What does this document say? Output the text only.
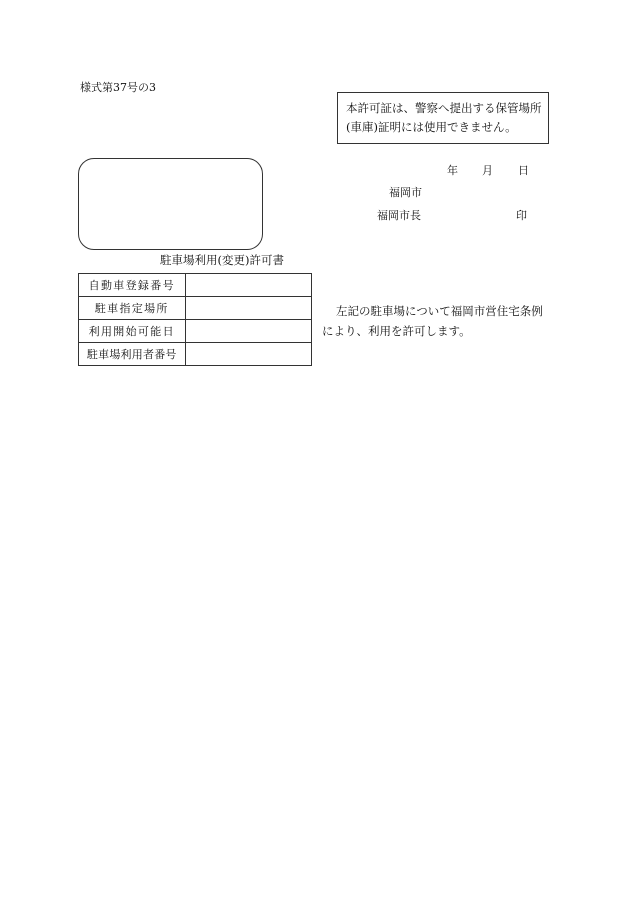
様式第37号の3
本許可証は、警察へ提出する保管場所
(車庫)証明には使用できません。
年 月 日
福岡市
福岡市長	印
駐車場利用(変更)許可書
自動車登録番号	
駐車指定場所	
利用開始可能日	
駐車場利用者番号	
左記の駐車場について福岡市営住宅条例
により、利用を許可します。
